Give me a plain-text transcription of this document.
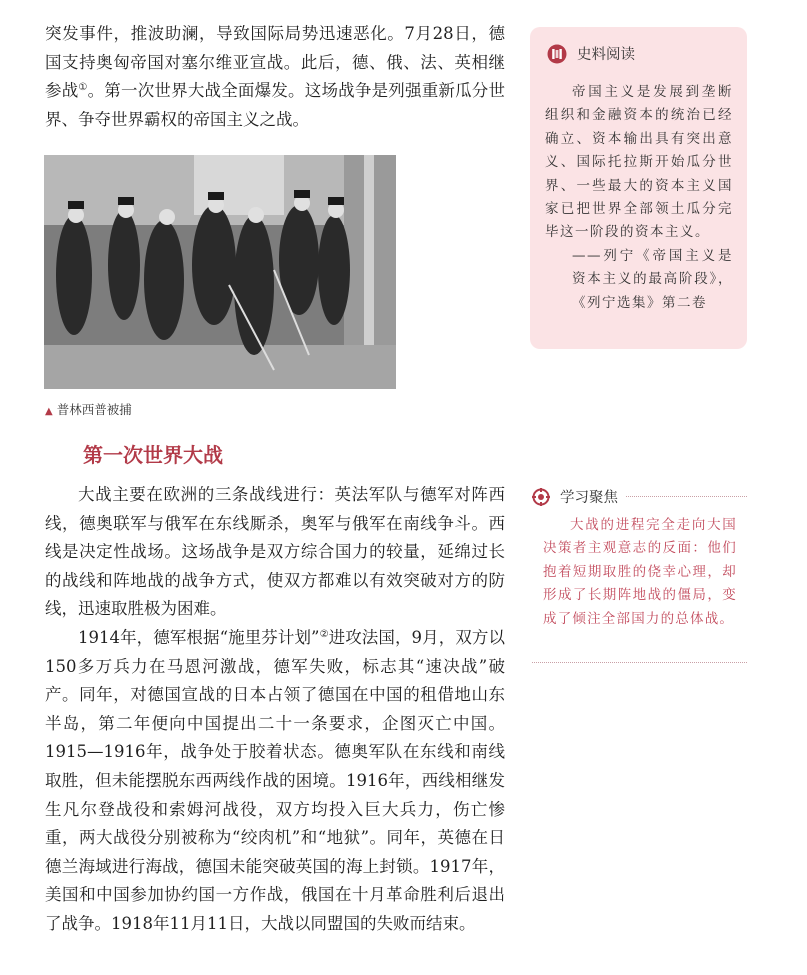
突发事件，推波助澜，导致国际局势迅速恶化。7月28日，德国支持奥匈帝国对塞尔维亚宣战。此后，德、俄、法、英相继参战①。第一次世界大战全面爆发。这场战争是列强重新瓜分世界、争夺世界霸权的帝国主义之战。

▲ 普林西普被捕
第一次世界大战

大战主要在欧洲的三条战线进行：英法军队与德军对阵西线，德奥联军与俄军在东线厮杀，奥军与俄军在南线争斗。西线是决定性战场。这场战争是双方综合国力的较量，延绵过长的战线和阵地战的战争方式，使双方都难以有效突破对方的防线，迅速取胜极为困难。

1914年，德军根据“施里芬计划”②进攻法国，9月，双方以150多万兵力在马恩河激战，德军失败，标志其“速决战”破产。同年，对德国宣战的日本占领了德国在中国的租借地山东半岛，第二年便向中国提出二十一条要求，企图灭亡中国。1915—1916年，战争处于胶着状态。德奥军队在东线和南线取胜，但未能摆脱东西两线作战的困境。1916年，西线相继发生凡尔登战役和索姆河战役，双方均投入巨大兵力，伤亡惨重，两大战役分别被称为“绞肉机”和“地狱”。同年，英德在日德兰海域进行海战，德国未能突破英国的海上封锁。1917年，美国和中国参加协约国一方作战，俄国在十月革命胜利后退出了战争。1918年11月11日，大战以同盟国的失败而结束。

史料阅读

帝国主义是发展到垄断组织和金融资本的统治已经确立、资本输出具有突出意义、国际托拉斯开始瓜分世界、一些最大的资本主义国家已把世界全部领土瓜分完毕这一阶段的资本主义。

——列宁《帝国主义是资本主义的最高阶段》，《列宁选集》第二卷

学习聚焦

大战的进程完全走向大国决策者主观意志的反面：他们抱着短期取胜的侥幸心理，却形成了长期阵地战的僵局，变成了倾注全部国力的总体战。
